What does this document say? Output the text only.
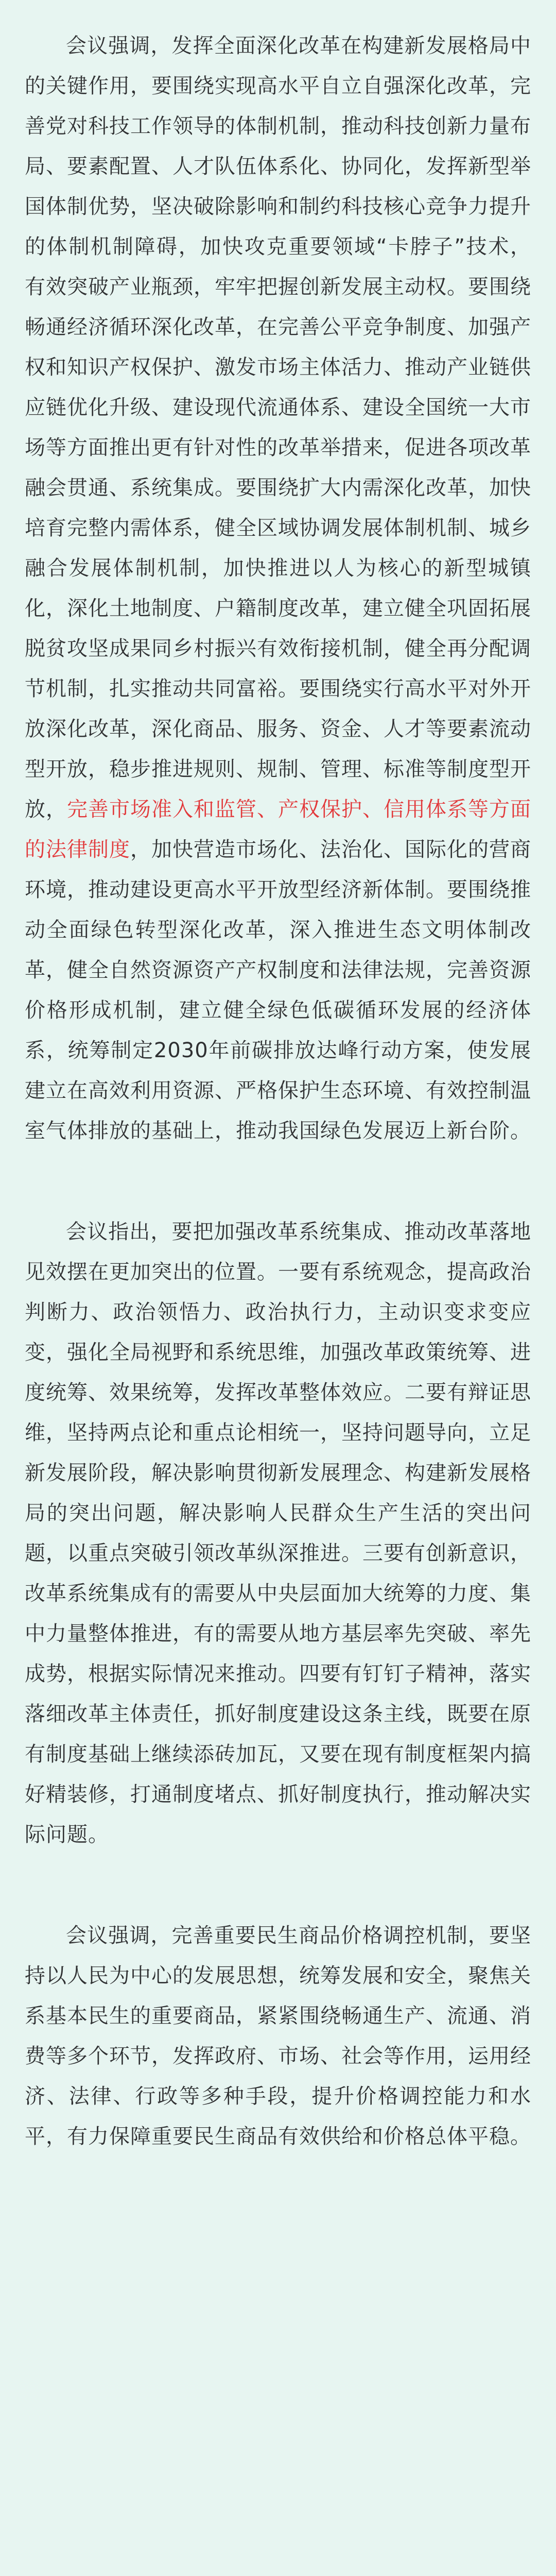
会议强调，发挥全面深化改革在构建新发展格局中的关键作用，要围绕实现高水平自立自强深化改革，完善党对科技工作领导的体制机制，推动科技创新力量布局、要素配置、人才队伍体系化、协同化，发挥新型举国体制优势，坚决破除影响和制约科技核心竞争力提升的体制机制障碍，加快攻克重要领域“卡脖子”技术，有效突破产业瓶颈，牢牢把握创新发展主动权。要围绕畅通经济循环深化改革，在完善公平竞争制度、加强产权和知识产权保护、激发市场主体活力、推动产业链供应链优化升级、建设现代流通体系、建设全国统一大市场等方面推出更有针对性的改革举措来，促进各项改革融会贯通、系统集成。要围绕扩大内需深化改革，加快培育完整内需体系，健全区域协调发展体制机制、城乡融合发展体制机制，加快推进以人为核心的新型城镇化，深化土地制度、户籍制度改革，建立健全巩固拓展脱贫攻坚成果同乡村振兴有效衔接机制，健全再分配调节机制，扎实推动共同富裕。要围绕实行高水平对外开放深化改革，深化商品、服务、资金、人才等要素流动型开放，稳步推进规则、规制、管理、标准等制度型开放，完善市场准入和监管、产权保护、信用体系等方面的法律制度，加快营造市场化、法治化、国际化的营商环境，推动建设更高水平开放型经济新体制。要围绕推动全面绿色转型深化改革，深入推进生态文明体制改革，健全自然资源资产产权制度和法律法规，完善资源价格形成机制，建立健全绿色低碳循环发展的经济体系，统筹制定2030年前碳排放达峰行动方案，使发展建立在高效利用资源、严格保护生态环境、有效控制温室气体排放的基础上，推动我国绿色发展迈上新台阶。

会议指出，要把加强改革系统集成、推动改革落地见效摆在更加突出的位置。一要有系统观念，提高政治判断力、政治领悟力、政治执行力，主动识变求变应变，强化全局视野和系统思维，加强改革政策统筹、进度统筹、效果统筹，发挥改革整体效应。二要有辩证思维，坚持两点论和重点论相统一，坚持问题导向，立足新发展阶段，解决影响贯彻新发展理念、构建新发展格局的突出问题，解决影响人民群众生产生活的突出问题，以重点突破引领改革纵深推进。三要有创新意识，改革系统集成有的需要从中央层面加大统筹的力度、集中力量整体推进，有的需要从地方基层率先突破、率先成势，根据实际情况来推动。四要有钉钉子精神，落实落细改革主体责任，抓好制度建设这条主线，既要在原有制度基础上继续添砖加瓦，又要在现有制度框架内搞好精装修，打通制度堵点、抓好制度执行，推动解决实际问题。

会议强调，完善重要民生商品价格调控机制，要坚持以人民为中心的发展思想，统筹发展和安全，聚焦关系基本民生的重要商品，紧紧围绕畅通生产、流通、消费等多个环节，发挥政府、市场、社会等作用，运用经济、法律、行政等多种手段，提升价格调控能力和水平，有力保障重要民生商品有效供给和价格总体平稳。
